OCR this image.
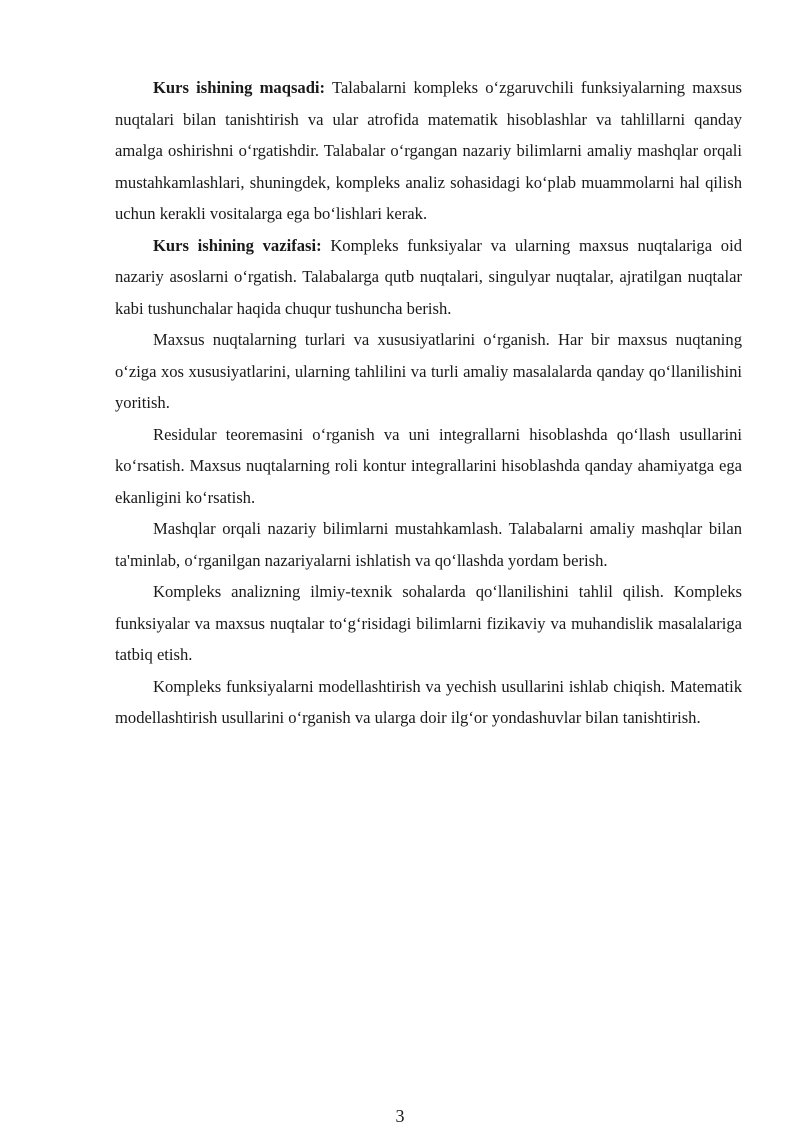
Kurs ishining maqsadi: Talabalarni kompleks oʻzgaruvchili funksiyalarning maxsus nuqtalari bilan tanishtirish va ular atrofida matematik hisoblashlar va tahlillarni qanday amalga oshirishni oʻrgatishdir. Talabalar oʻrgangan nazariy bilimlarni amaliy mashqlar orqali mustahkamlashlari, shuningdek, kompleks analiz sohasidagi koʻplab muammolarni hal qilish uchun kerakli vositalarga ega boʻlishlari kerak.

Kurs ishining vazifasi: Kompleks funksiyalar va ularning maxsus nuqtalariga oid nazariy asoslarni oʻrgatish. Talabalarga qutb nuqtalari, singulyar nuqtalar, ajratilgan nuqtalar kabi tushunchalar haqida chuqur tushuncha berish.

Maxsus nuqtalarning turlari va xususiyatlarini oʻrganish. Har bir maxsus nuqtaning oʻziga xos xususiyatlarini, ularning tahlilini va turli amaliy masalalarda qanday qoʻllanilishini yoritish.

Residular teoremasini oʻrganish va uni integrallarni hisoblashda qoʻllash usullarini koʻrsatish. Maxsus nuqtalarning roli kontur integrallarini hisoblashda qanday ahamiyatga ega ekanligini koʻrsatish.

Mashqlar orqali nazariy bilimlarni mustahkamlash. Talabalarni amaliy mashqlar bilan ta'minlab, oʻrganilgan nazariyalarni ishlatish va qoʻllashda yordam berish.

Kompleks analizning ilmiy-texnik sohalarda qoʻllanilishini tahlil qilish. Kompleks funksiyalar va maxsus nuqtalar toʻgʻrisidagi bilimlarni fizikaviy va muhandislik masalalariga tatbiq etish.

Kompleks funksiyalarni modellashtirish va yechish usullarini ishlab chiqish. Matematik modellashtirish usullarini oʻrganish va ularga doir ilgʻor yondashuvlar bilan tanishtirish.

3
